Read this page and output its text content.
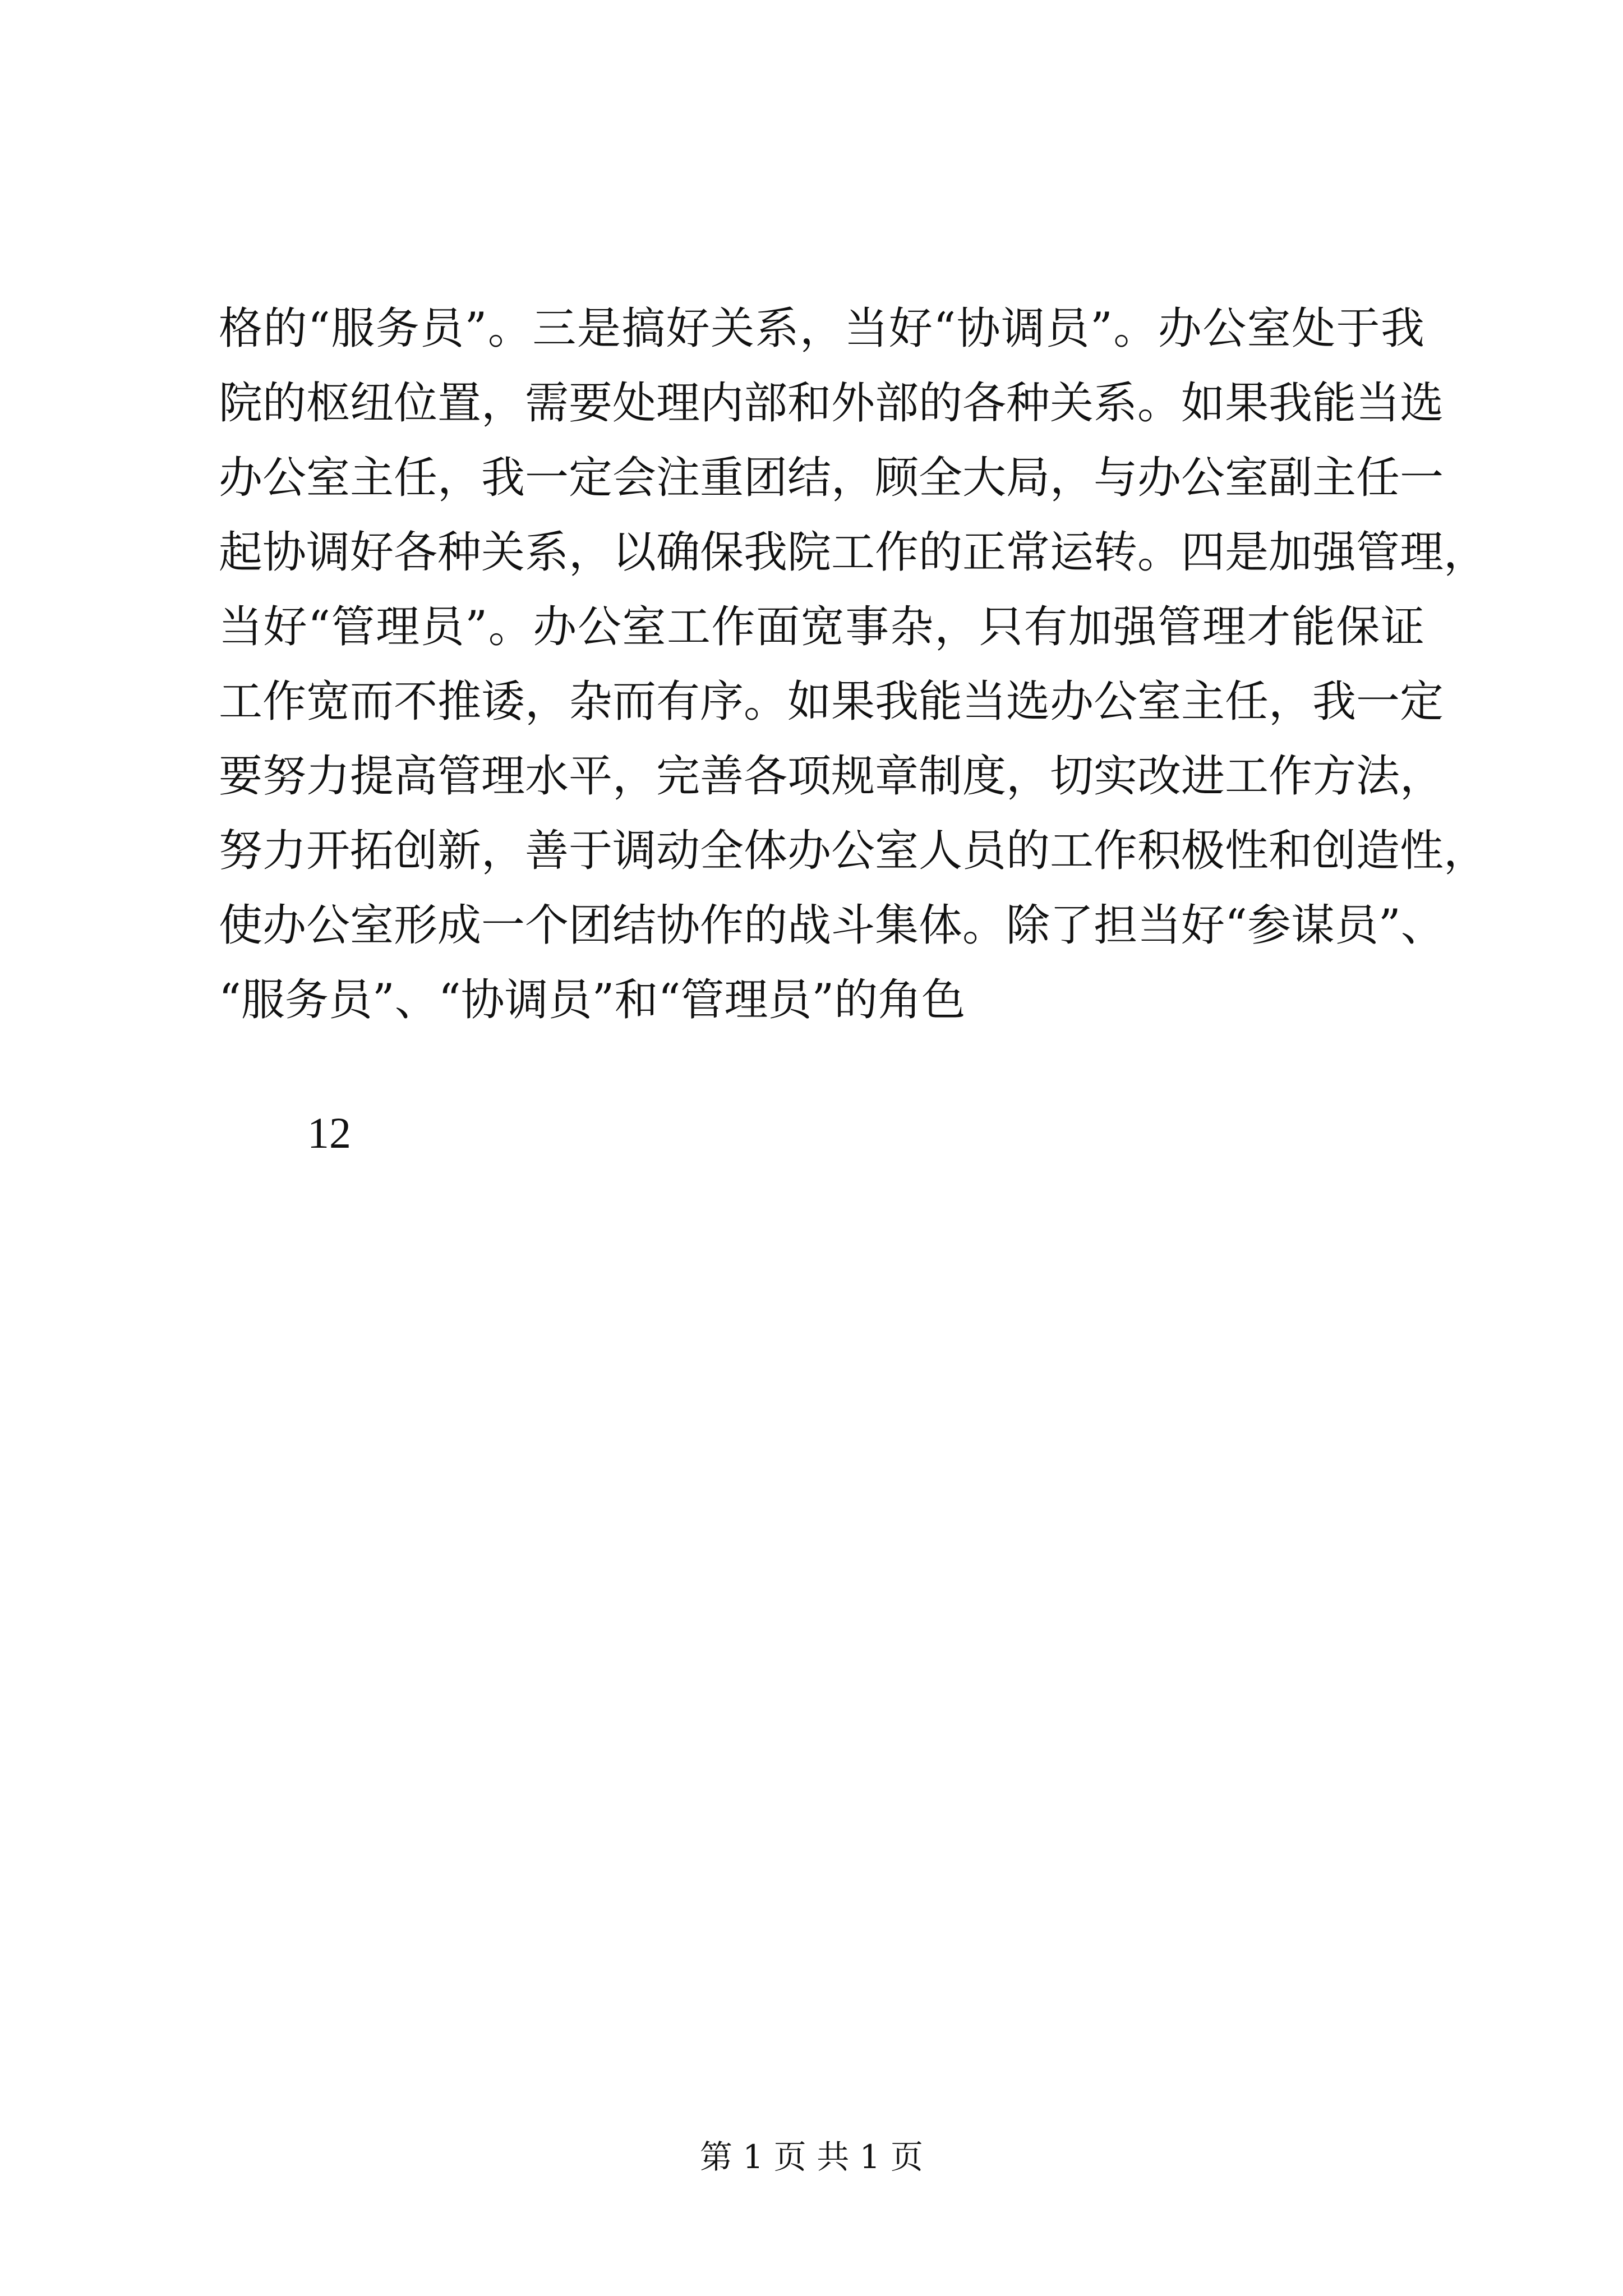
格的“服务员”。三是搞好关系，当好“协调员”。办公室处于我
院的枢纽位置，需要处理内部和外部的各种关系。如果我能当选
办公室主任，我一定会注重团结，顾全大局，与办公室副主任一
起协调好各种关系，以确保我院工作的正常运转。四是加强管理，
当好“管理员”。办公室工作面宽事杂，只有加强管理才能保证
工作宽而不推诿，杂而有序。如果我能当选办公室主任，我一定
要努力提高管理水平，完善各项规章制度，切实改进工作方法，
努力开拓创新，善于调动全体办公室人员的工作积极性和创造性，
使办公室形成一个团结协作的战斗集体。除了担当好“参谋员”、
“服务员”、“协调员”和“管理员”的角色
12
第 1 页 共 1 页
